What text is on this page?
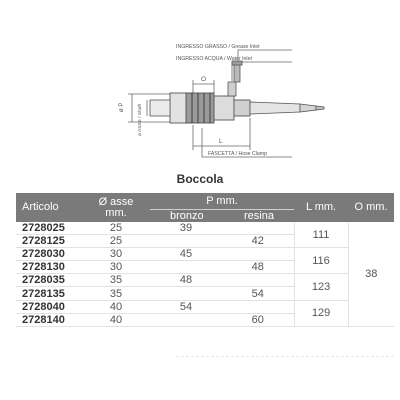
INGRESSO GRASSO / Grease Inlet
INGRESSO ACQUA / Water Inlet
FASCETTA / Hose Clamp
O
L
ø P	ø ASSE / Shaft
Boccola
Articolo	Ø asse
mm.	P mm.		L mm.	O mm.
		bronzo	resina		
2728025	25	39		111	38
2728125	25		42		
2728030	30	45		116	
2728130	30		48		
2728035	35	48		123	
2728135	35		54		
2728040	40	54		129	
2728140	40		60		
